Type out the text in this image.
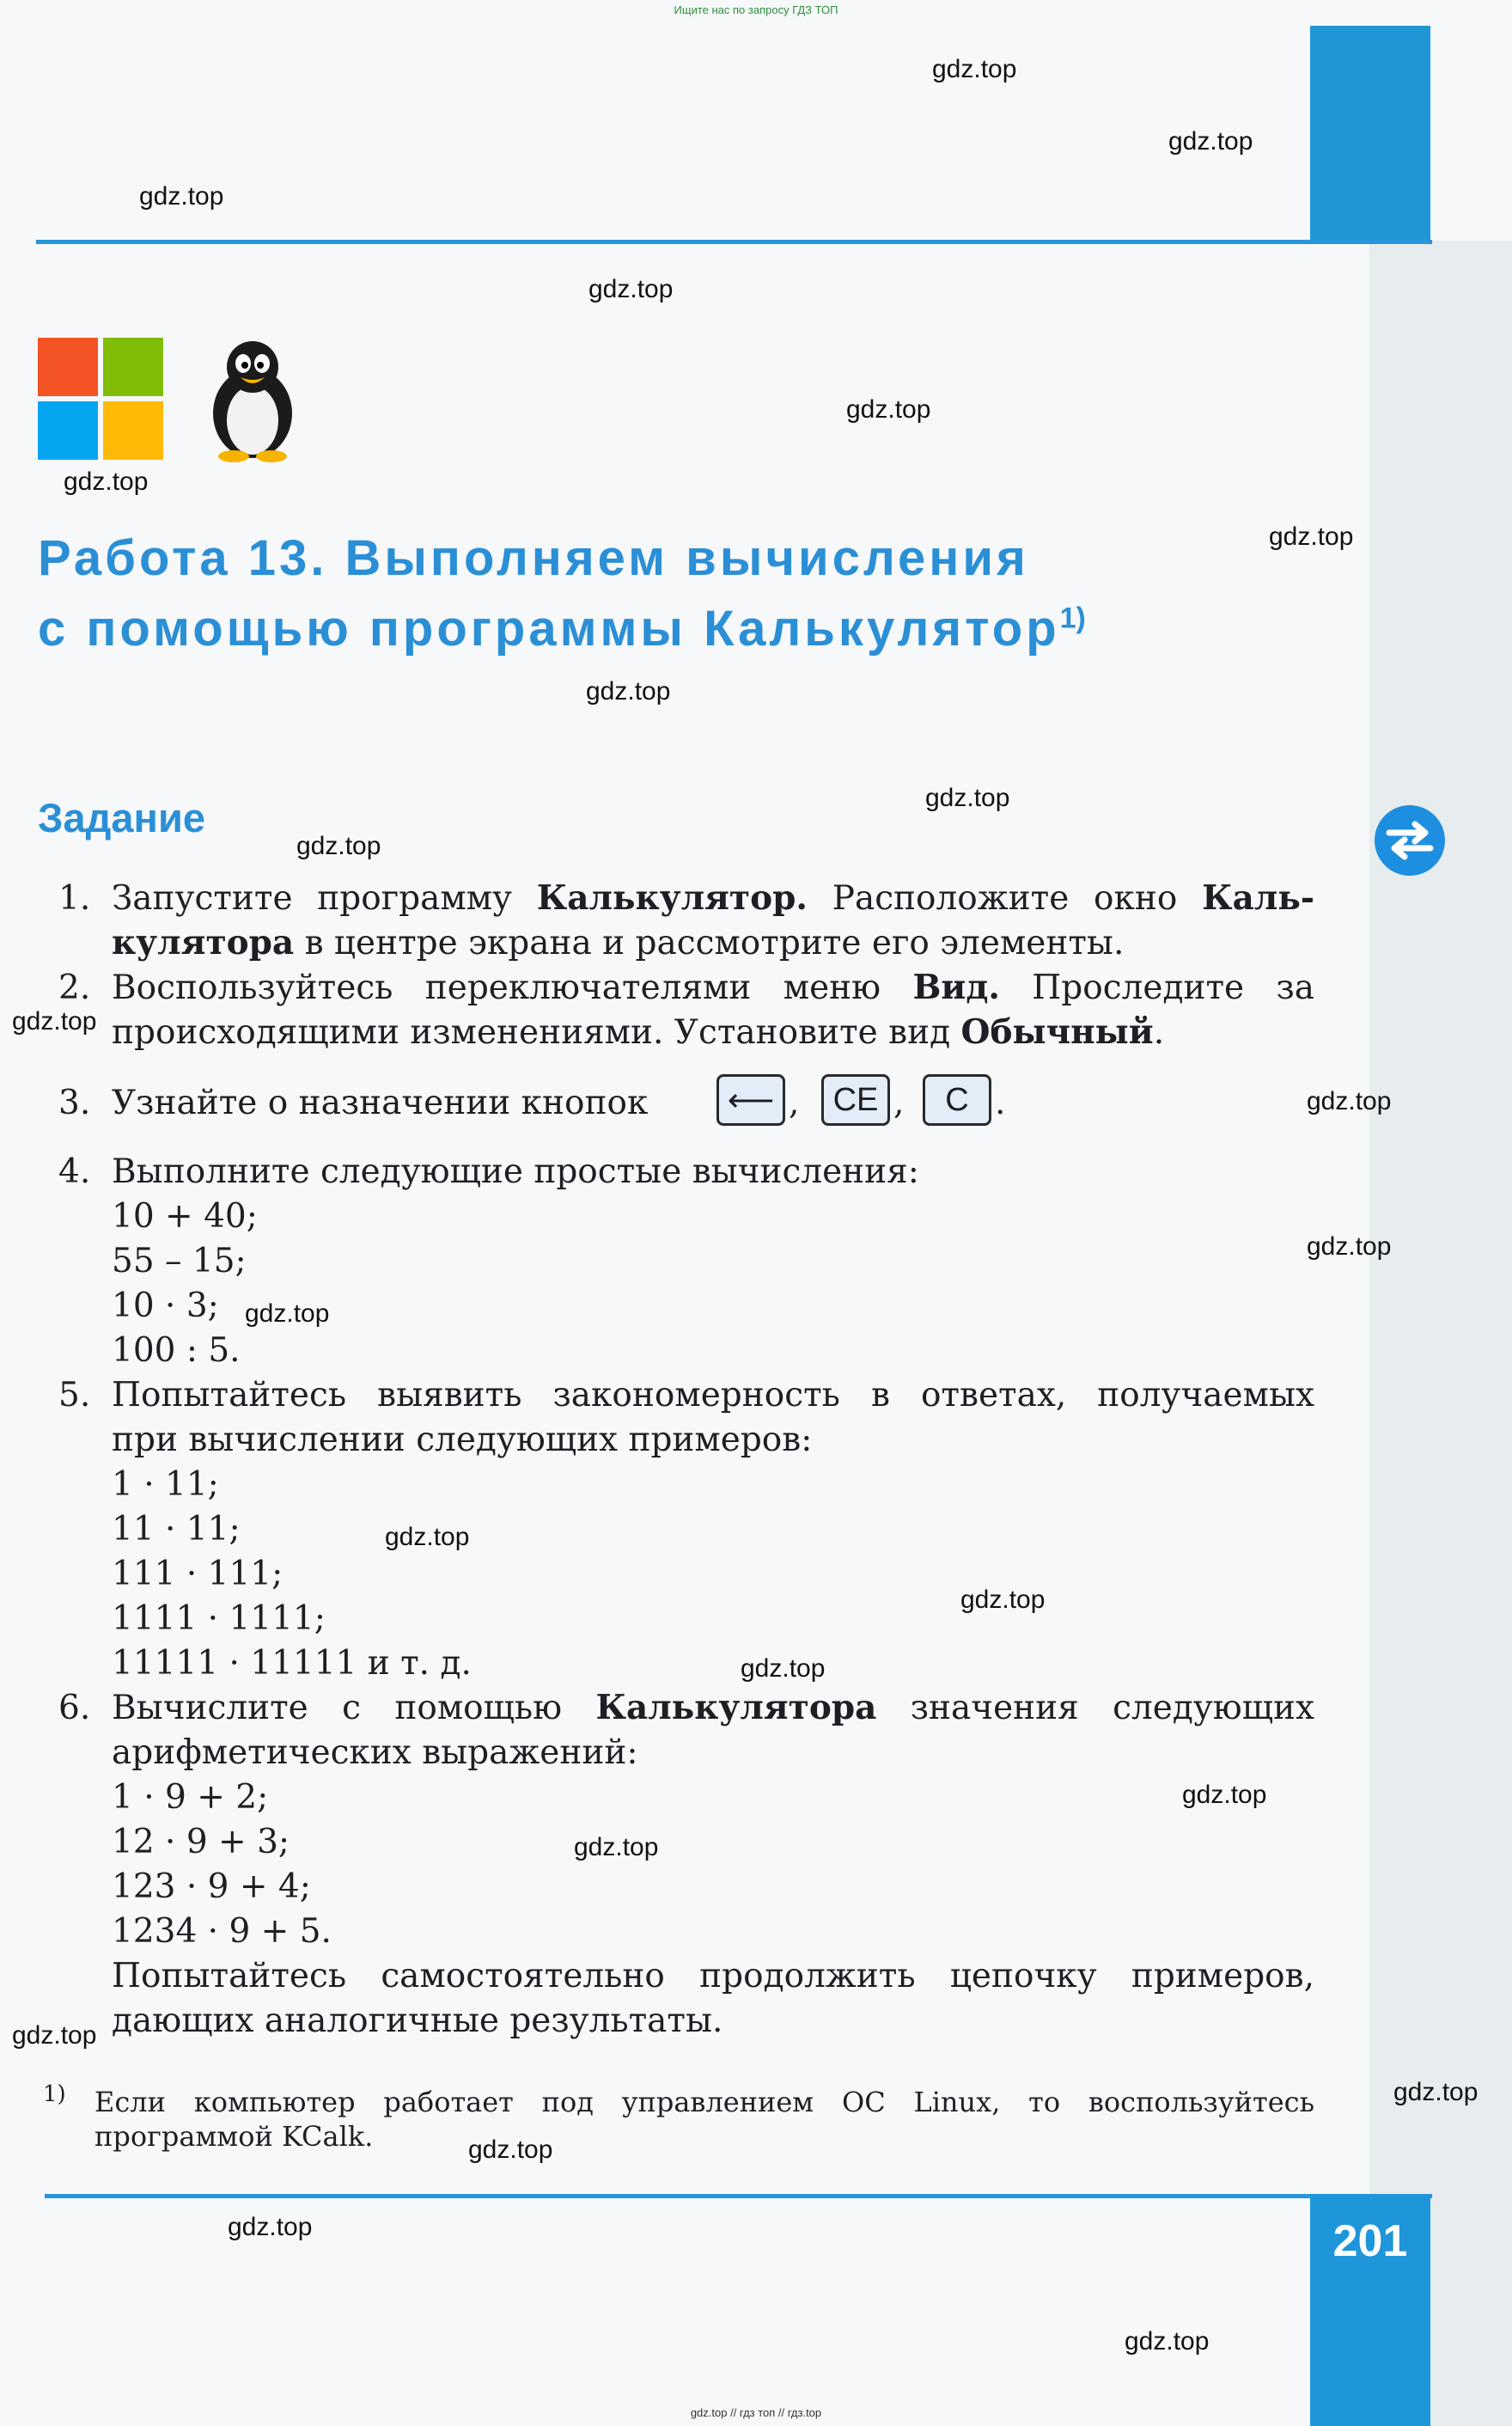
Ищите нас по запросу ГДЗ ТОП
201
Работа 13. Выполняем вычисления
с помощью программы Калькулятор$^{1)}$
Задание
1. Запустите программу Калькулятор. Расположите окно Каль-
кулятора в центре экрана и рассмотрите его элементы.
2. Воспользуйтесь переключателями меню Вид. Проследите за
происходящими изменениями. Установите вид Обычный.
3. Узнайте о назначении кнопок	⟵ ,	CE ,	C .
4. Выполните следующие простые вычисления:
10 + 40;
55 – 15;
10 · 3;
100 : 5.
5. Попытайтесь выявить закономерность в ответах, получаемых
при вычислении следующих примеров:
1 · 11;
11 · 11;
111 · 111;
1111 · 1111;
11111 · 11111 и т. д.
6. Вычислите с помощью Калькулятора значения следующих
арифметических выражений:
1 · 9 + 2;
12 · 9 + 3;
123 · 9 + 4;
1234 · 9 + 5.
Попытайтесь самостоятельно продолжить цепочку примеров,
дающих аналогичные результаты.
1) Если компьютер работает под управлением ОС Linux, то воспользуйтесь
программой KCalk.
gdz.top
gdz.top
gdz.top
gdz.top
gdz.top
gdz.top
gdz.top
gdz.top
gdz.top
gdz.top
gdz.top
gdz.top
gdz.top
gdz.top
gdz.top
gdz.top
gdz.top
gdz.top
gdz.top
gdz.top
gdz.top
gdz.top
gdz.top
gdz.top
gdz.top // гдз топ // гдз.top
